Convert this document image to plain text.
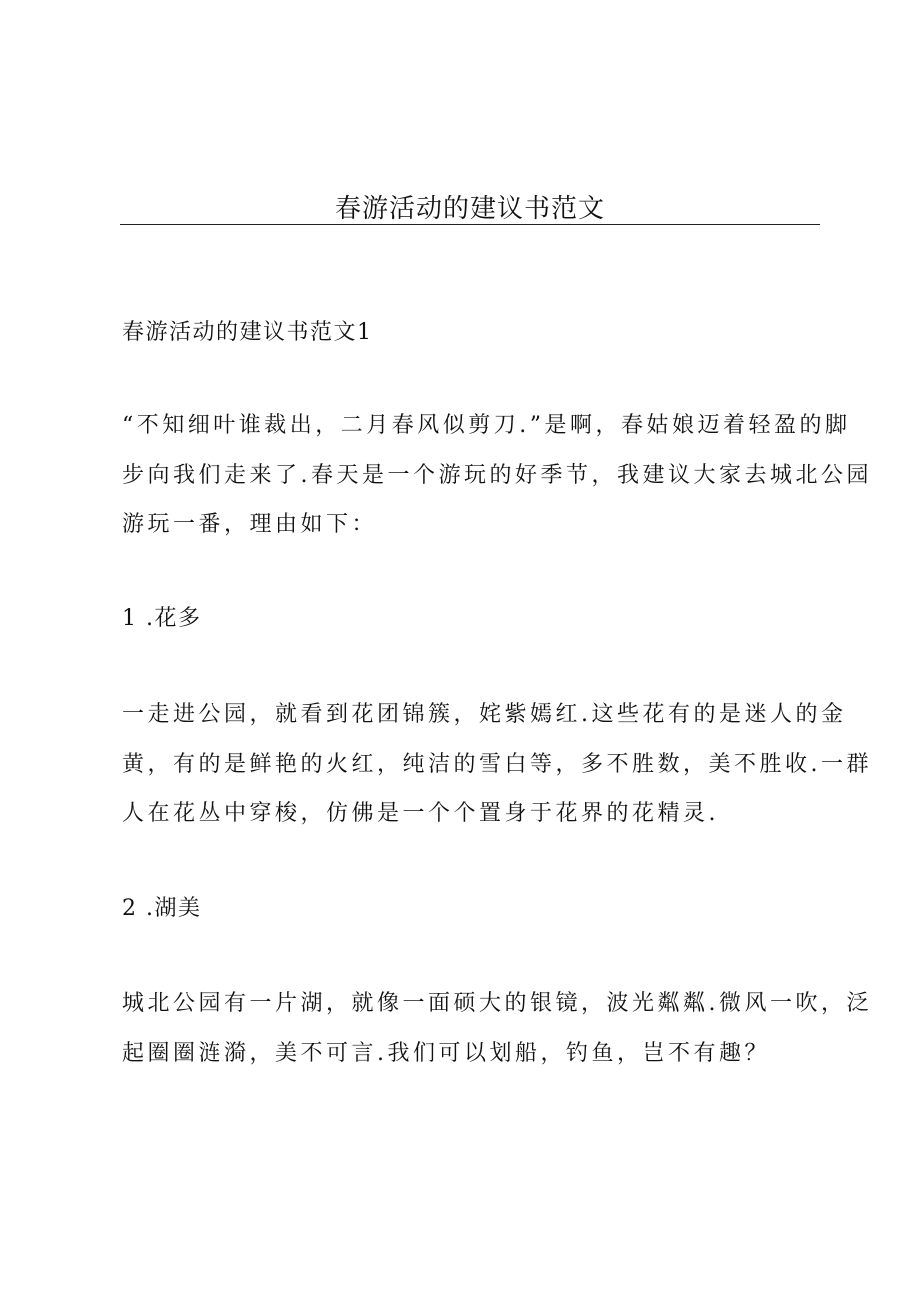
春游活动的建议书范文
春游活动的建议书范文1
“不知细叶谁裁出，二月春风似剪刀.”是啊，春姑娘迈着轻盈的脚
步向我们走来了.春天是一个游玩的好季节，我建议大家去城北公园
游玩一番，理由如下：
1 .花多
一走进公园，就看到花团锦簇，姹紫嫣红.这些花有的是迷人的金
黄，有的是鲜艳的火红，纯洁的雪白等，多不胜数，美不胜收.一群
人在花丛中穿梭，仿佛是一个个置身于花界的花精灵.
2 .湖美
城北公园有一片湖，就像一面硕大的银镜，波光粼粼.微风一吹，泛
起圈圈涟漪，美不可言.我们可以划船，钓鱼，岂不有趣？
